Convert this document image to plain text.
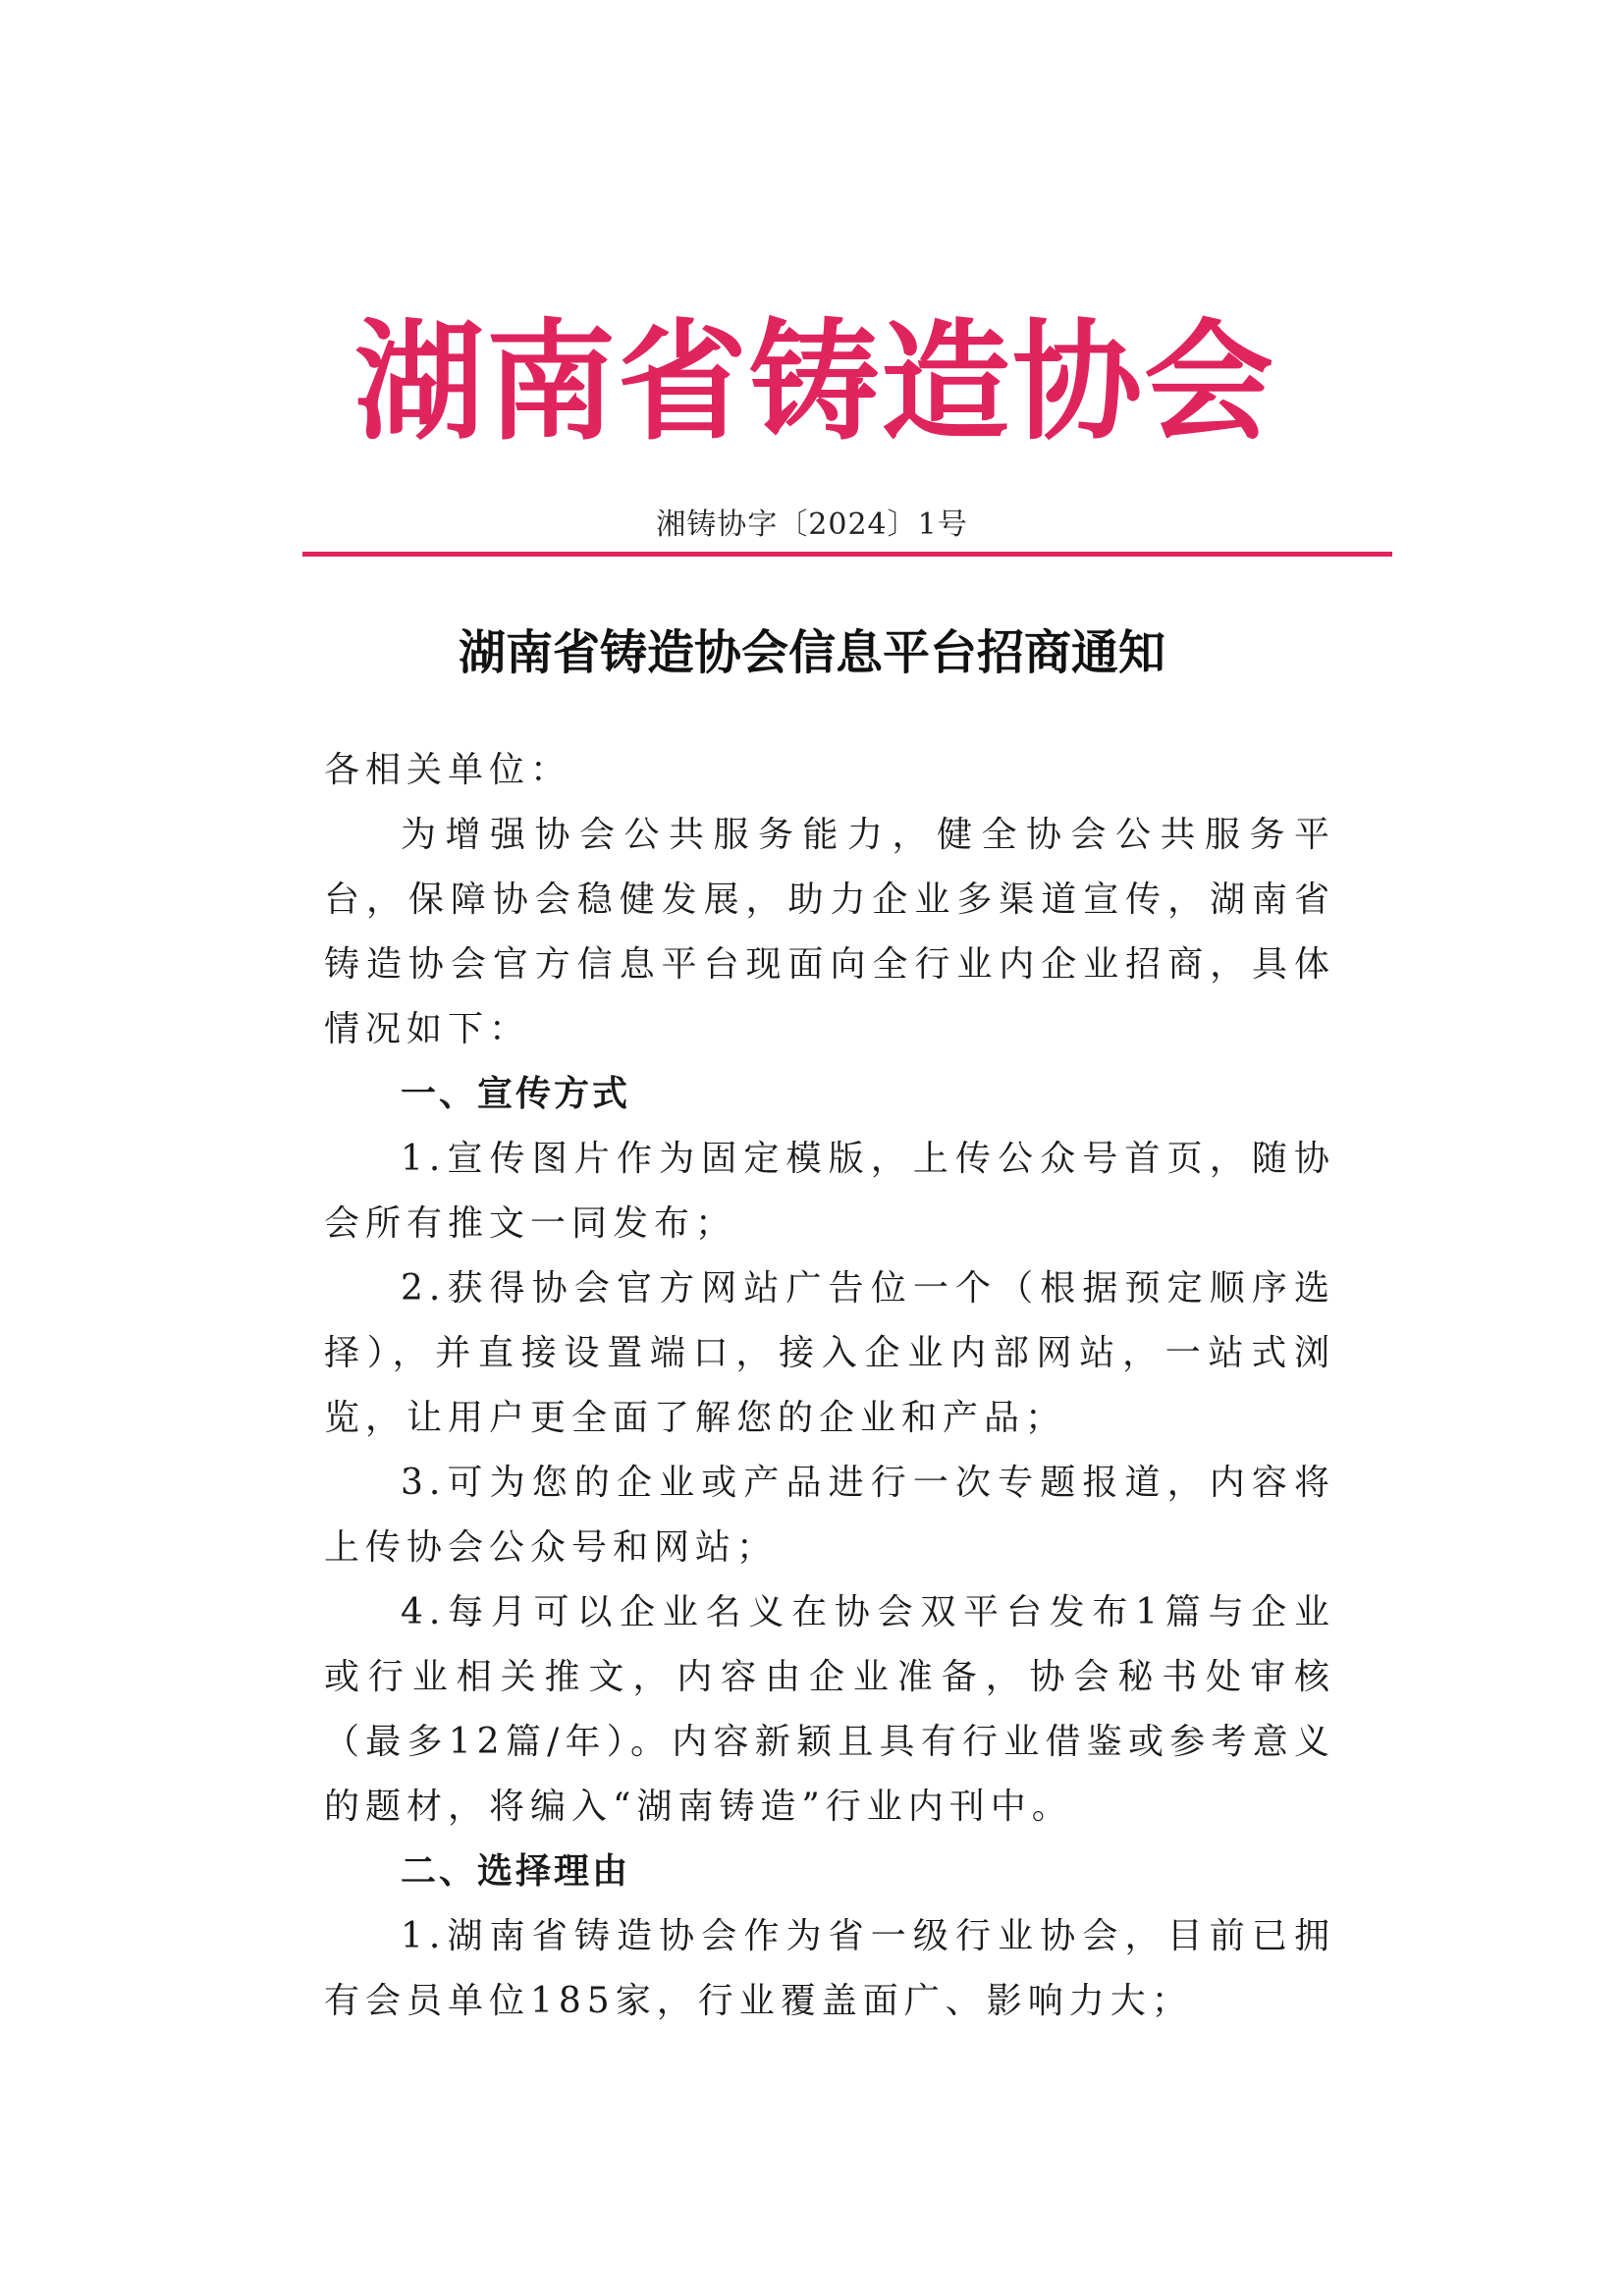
湖南省铸造协会
湘铸协字〔2024〕1号
湖南省铸造协会信息平台招商通知

各相关单位：

为增强协会公共服务能力，健全协会公共服务平台，保障协会稳健发展，助力企业多渠道宣传，湖南省铸造协会官方信息平台现面向全行业内企业招商，具体情况如下：

一、宣传方式

1.宣传图片作为固定模版，上传公众号首页，随协会所有推文一同发布；

2.获得协会官方网站广告位一个（根据预定顺序选择），并直接设置端口，接入企业内部网站，一站式浏览，让用户更全面了解您的企业和产品；

3.可为您的企业或产品进行一次专题报道，内容将上传协会公众号和网站；

4.每月可以企业名义在协会双平台发布1篇与企业或行业相关推文，内容由企业准备，协会秘书处审核（最多12篇/年）。内容新颖且具有行业借鉴或参考意义的题材，将编入“湖南铸造”行业内刊中。

二、选择理由

1.湖南省铸造协会作为省一级行业协会，目前已拥有会员单位185家，行业覆盖面广、影响力大；
